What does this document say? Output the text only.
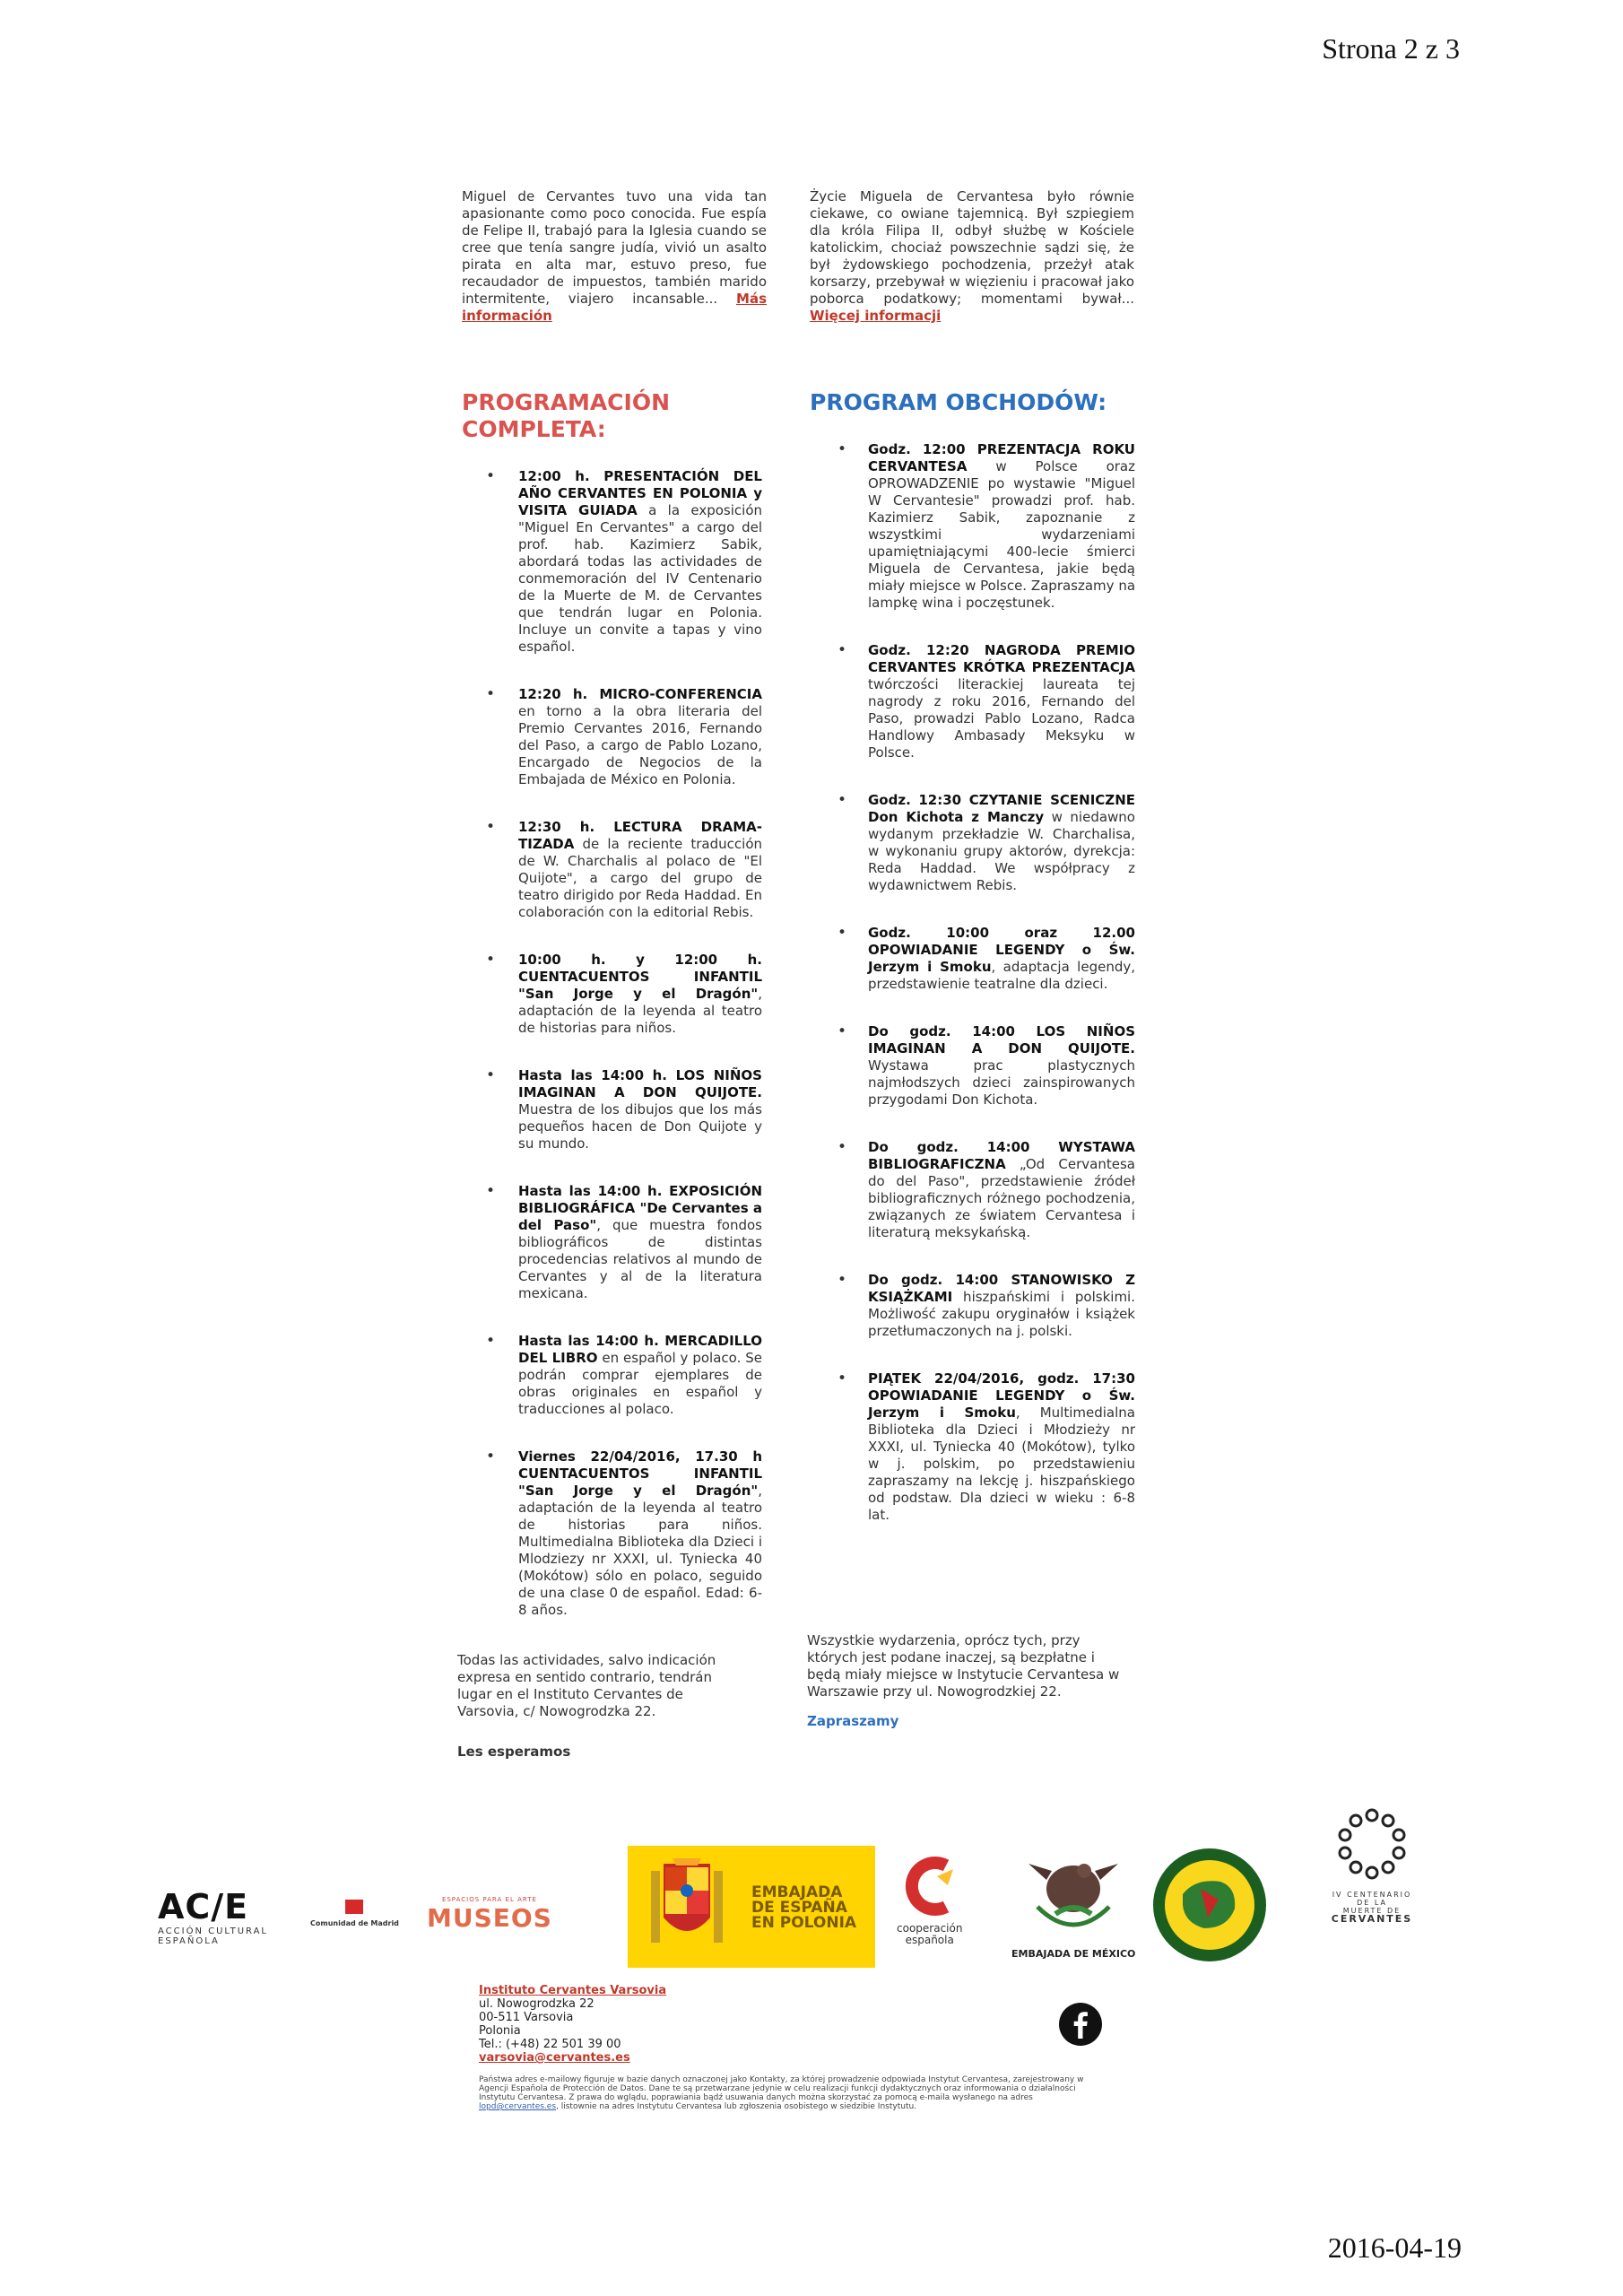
Strona 2 z 3
Miguel de Cervantes tuvo una vida tan apasionante como poco conocida. Fue espía de Felipe II, trabajó para la Iglesia cuando se cree que tenía sangre judía, vivió un asalto pirata en alta mar, estuvo preso, fue recaudador de impuestos, también marido intermitente, viajero incansable... Más información
Życie Miguela de Cervantesa było równie ciekawe, co owiane tajemnicą. Był szpiegiem dla króla Filipa II, odbył służbę w Kościele katolickim, chociaż powszechnie sądzi się, że był żydowskiego pochodzenia, przeżył atak korsarzy, przebywał w więzieniu i pracował jako poborca podatkowy; momentami bywał... Więcej informacji
PROGRAMACIÓN COMPLETA:
PROGRAM OBCHODÓW:
• 12:00 h. PRESENTACIÓN DEL AÑO CERVANTES EN POLONIA y VISITA GUIADA a la exposición "Miguel En Cervantes" a cargo del prof. hab. Kazimierz Sabik, abordará todas las actividades de conmemoración del IV Centenario de la Muerte de M. de Cervantes que tendrán lugar en Polonia. Incluye un convite a tapas y vino español.
• 12:20 h. MICRO-CONFERENCIA en torno a la obra literaria del Premio Cervantes 2016, Fernando del Paso, a cargo de Pablo Lozano, Encargado de Negocios de la Embajada de México en Polonia.
• 12:30 h. LECTURA DRAMA-TIZADA de la reciente traducción de W. Charchalis al polaco de "El Quijote", a cargo del grupo de teatro dirigido por Reda Haddad. En colaboración con la editorial Rebis.
• 10:00 h. y 12:00 h. CUENTACUENTOS INFANTIL "San Jorge y el Dragón", adaptación de la leyenda al teatro de historias para niños.
• Hasta las 14:00 h. LOS NIÑOS IMAGINAN A DON QUIJOTE. Muestra de los dibujos que los más pequeños hacen de Don Quijote y su mundo.
• Hasta las 14:00 h. EXPOSICIÓN BIBLIOGRÁFICA "De Cervantes a del Paso", que muestra fondos bibliográficos de distintas procedencias relativos al mundo de Cervantes y al de la literatura mexicana.
• Hasta las 14:00 h. MERCADILLO DEL LIBRO en español y polaco. Se podrán comprar ejemplares de obras originales en español y traducciones al polaco.
• Viernes 22/04/2016, 17.30 h CUENTACUENTOS INFANTIL "San Jorge y el Dragón", adaptación de la leyenda al teatro de historias para niños. Multimedialna Biblioteka dla Dzieci i Mlodziezy nr XXXI, ul. Tyniecka 40 (Mokótow) sólo en polaco, seguido de una clase 0 de español. Edad: 6-8 años.
• Godz. 12:00 PREZENTACJA ROKU CERVANTESA w Polsce oraz OPROWADZENIE po wystawie "Miguel W Cervantesie" prowadzi prof. hab. Kazimierz Sabik, zapoznanie z wszystkimi wydarzeniami upamiętniającymi 400-lecie śmierci Miguela de Cervantesa, jakie będą miały miejsce w Polsce. Zapraszamy na lampkę wina i poczęstunek.
• Godz. 12:20 NAGRODA PREMIO CERVANTES KRÓTKA PREZENTACJA twórczości literackiej laureata tej nagrody z roku 2016, Fernando del Paso, prowadzi Pablo Lozano, Radca Handlowy Ambasady Meksyku w Polsce.
• Godz. 12:30 CZYTANIE SCENICZNE Don Kichota z Manczy w niedawno wydanym przekładzie W. Charchalisa, w wykonaniu grupy aktorów, dyrekcja: Reda Haddad. We współpracy z wydawnictwem Rebis.
• Godz. 10:00 oraz 12.00 OPOWIADANIE LEGENDY o Św. Jerzym i Smoku, adaptacja legendy, przedstawienie teatralne dla dzieci.
• Do godz. 14:00 LOS NIÑOS IMAGINAN A DON QUIJOTE. Wystawa prac plastycznych najmłodszych dzieci zainspirowanych przygodami Don Kichota.
• Do godz. 14:00 WYSTAWA BIBLIOGRAFICZNA „Od Cervantesa do del Paso", przedstawienie źródeł bibliograficznych różnego pochodzenia, związanych ze światem Cervantesa i literaturą meksykańską.
• Do godz. 14:00 STANOWISKO Z KSIĄŻKAMI hiszpańskimi i polskimi. Możliwość zakupu oryginałów i książek przetłumaczonych na j. polski.
• PIĄTEK 22/04/2016, godz. 17:30 OPOWIADANIE LEGENDY o Św. Jerzym i Smoku, Multimedialna Biblioteka dla Dzieci i Młodzieży nr XXXI, ul. Tyniecka 40 (Mokótow), tylko w j. polskim, po przedstawieniu zapraszamy na lekcję j. hiszpańskiego od podstaw. Dla dzieci w wieku : 6-8 lat.
Todas las actividades, salvo indicación expresa en sentido contrario, tendrán lugar en el Instituto Cervantes de Varsovia, c/ Nowogrodzka 22.
Les esperamos
Wszystkie wydarzenia, oprócz tych, przy których jest podane inaczej, są bezpłatne i będą miały miejsce w Instytucie Cervantesa w Warszawie przy ul. Nowogrodzkiej 22.
Zapraszamy
AC/E
ACCIÓN CULTURAL
ESPAÑOLA
Comunidad de Madrid
ESPACIOS PARA EL ARTE
MUSEOS
EMBAJADA
DE ESPAÑA
EN POLONIA	cooperación
española
EMBAJADA DE MÉXICO
IV CENTENARIO
DE LA
MUERTE DE
CERVANTES
Instituto Cervantes Varsovia
ul. Nowogrodzka 22
00-511 Varsovia
Polonia
Tel.: (+48) 22 501 39 00
varsovia@cervantes.es
Państwa adres e-mailowy figuruje w bazie danych oznaczonej jako Kontakty, za której prowadzenie odpowiada Instytut Cervantesa, zarejestrowany w Agencji Española de Protección de Datos. Dane te są przetwarzane jedynie w celu realizacji funkcji dydaktycznych oraz informowania o działalności Instytutu Cervantesa. Z prawa do wglądu, poprawiania bądź usuwania danych można skorzystać za pomocą e-maila wysłanego na adres lopd@cervantes.es, listownie na adres Instytutu Cervantesa lub zgłoszenia osobistego w siedzibie Instytutu.
2016-04-19
